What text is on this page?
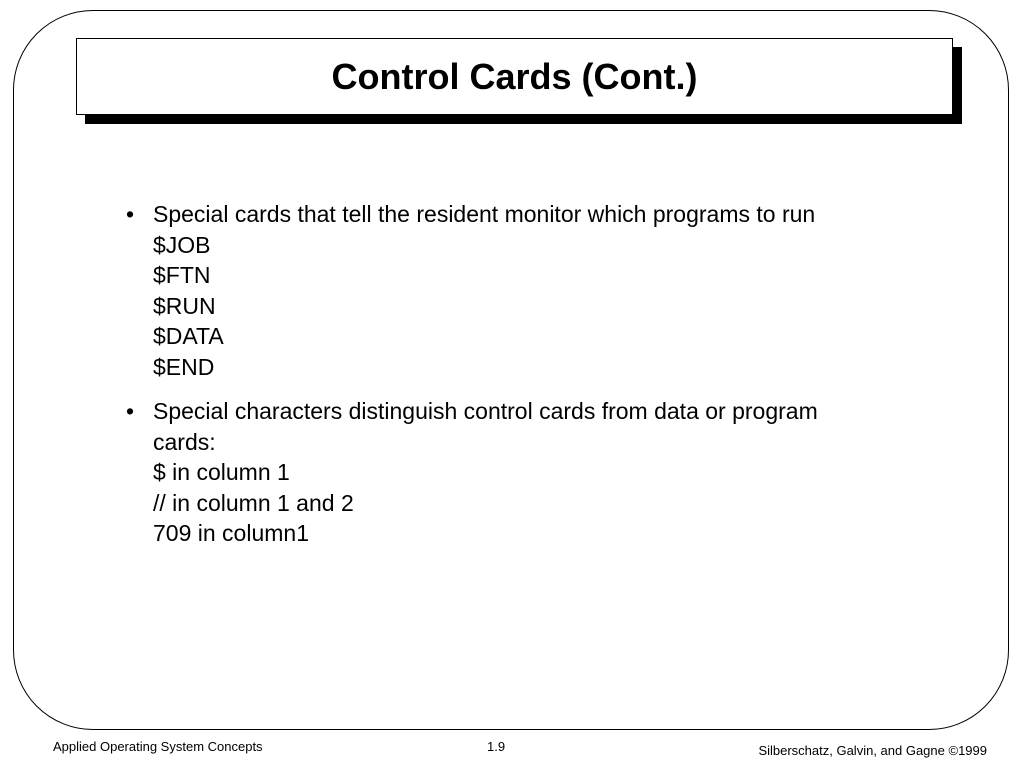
Control Cards (Cont.)
• Special cards that tell the resident monitor which programs to run
$JOB
$FTN
$RUN
$DATA
$END
• Special characters distinguish control cards from data or program
cards:
$ in column 1
// in column 1 and 2
709 in column1
Applied Operating System Concepts	1.9	Silberschatz, Galvin, and Gagne ©1999
